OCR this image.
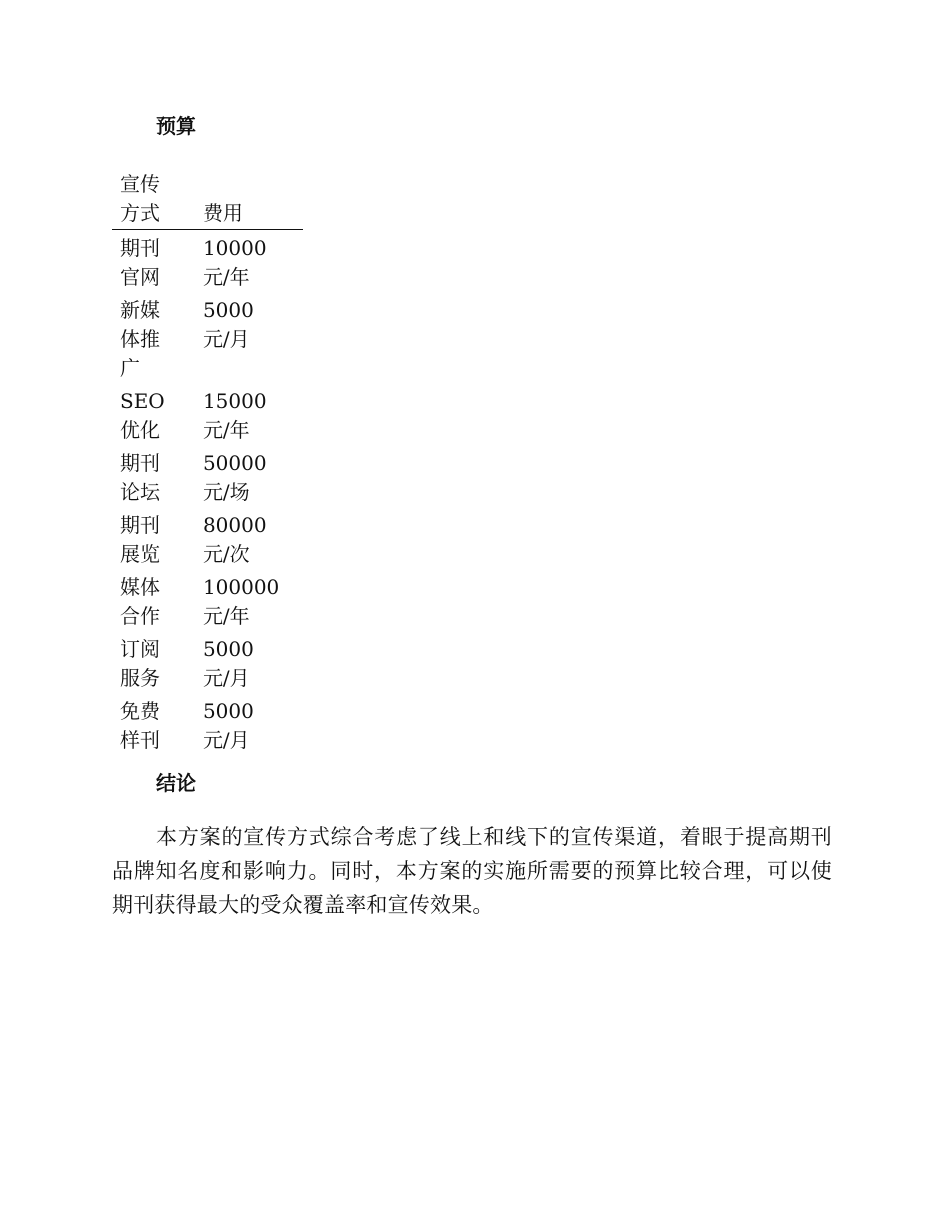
预算
宣传方式	费用

期刊官网	10000 元/年

新媒体推广	5000 元/月

SEO 优化	15000 元/年

期刊论坛	50000 元/场

期刊展览	80000 元/次

媒体合作	100000 元/年

订阅服务	5000 元/月

免费样刊	5000 元/月
结论

本方案的宣传方式综合考虑了线上和线下的宣传渠道，着眼于提高期刊品牌知名度和影响力。同时，本方案的实施所需要的预算比较合理，可以使期刊获得最大的受众覆盖率和宣传效果。
